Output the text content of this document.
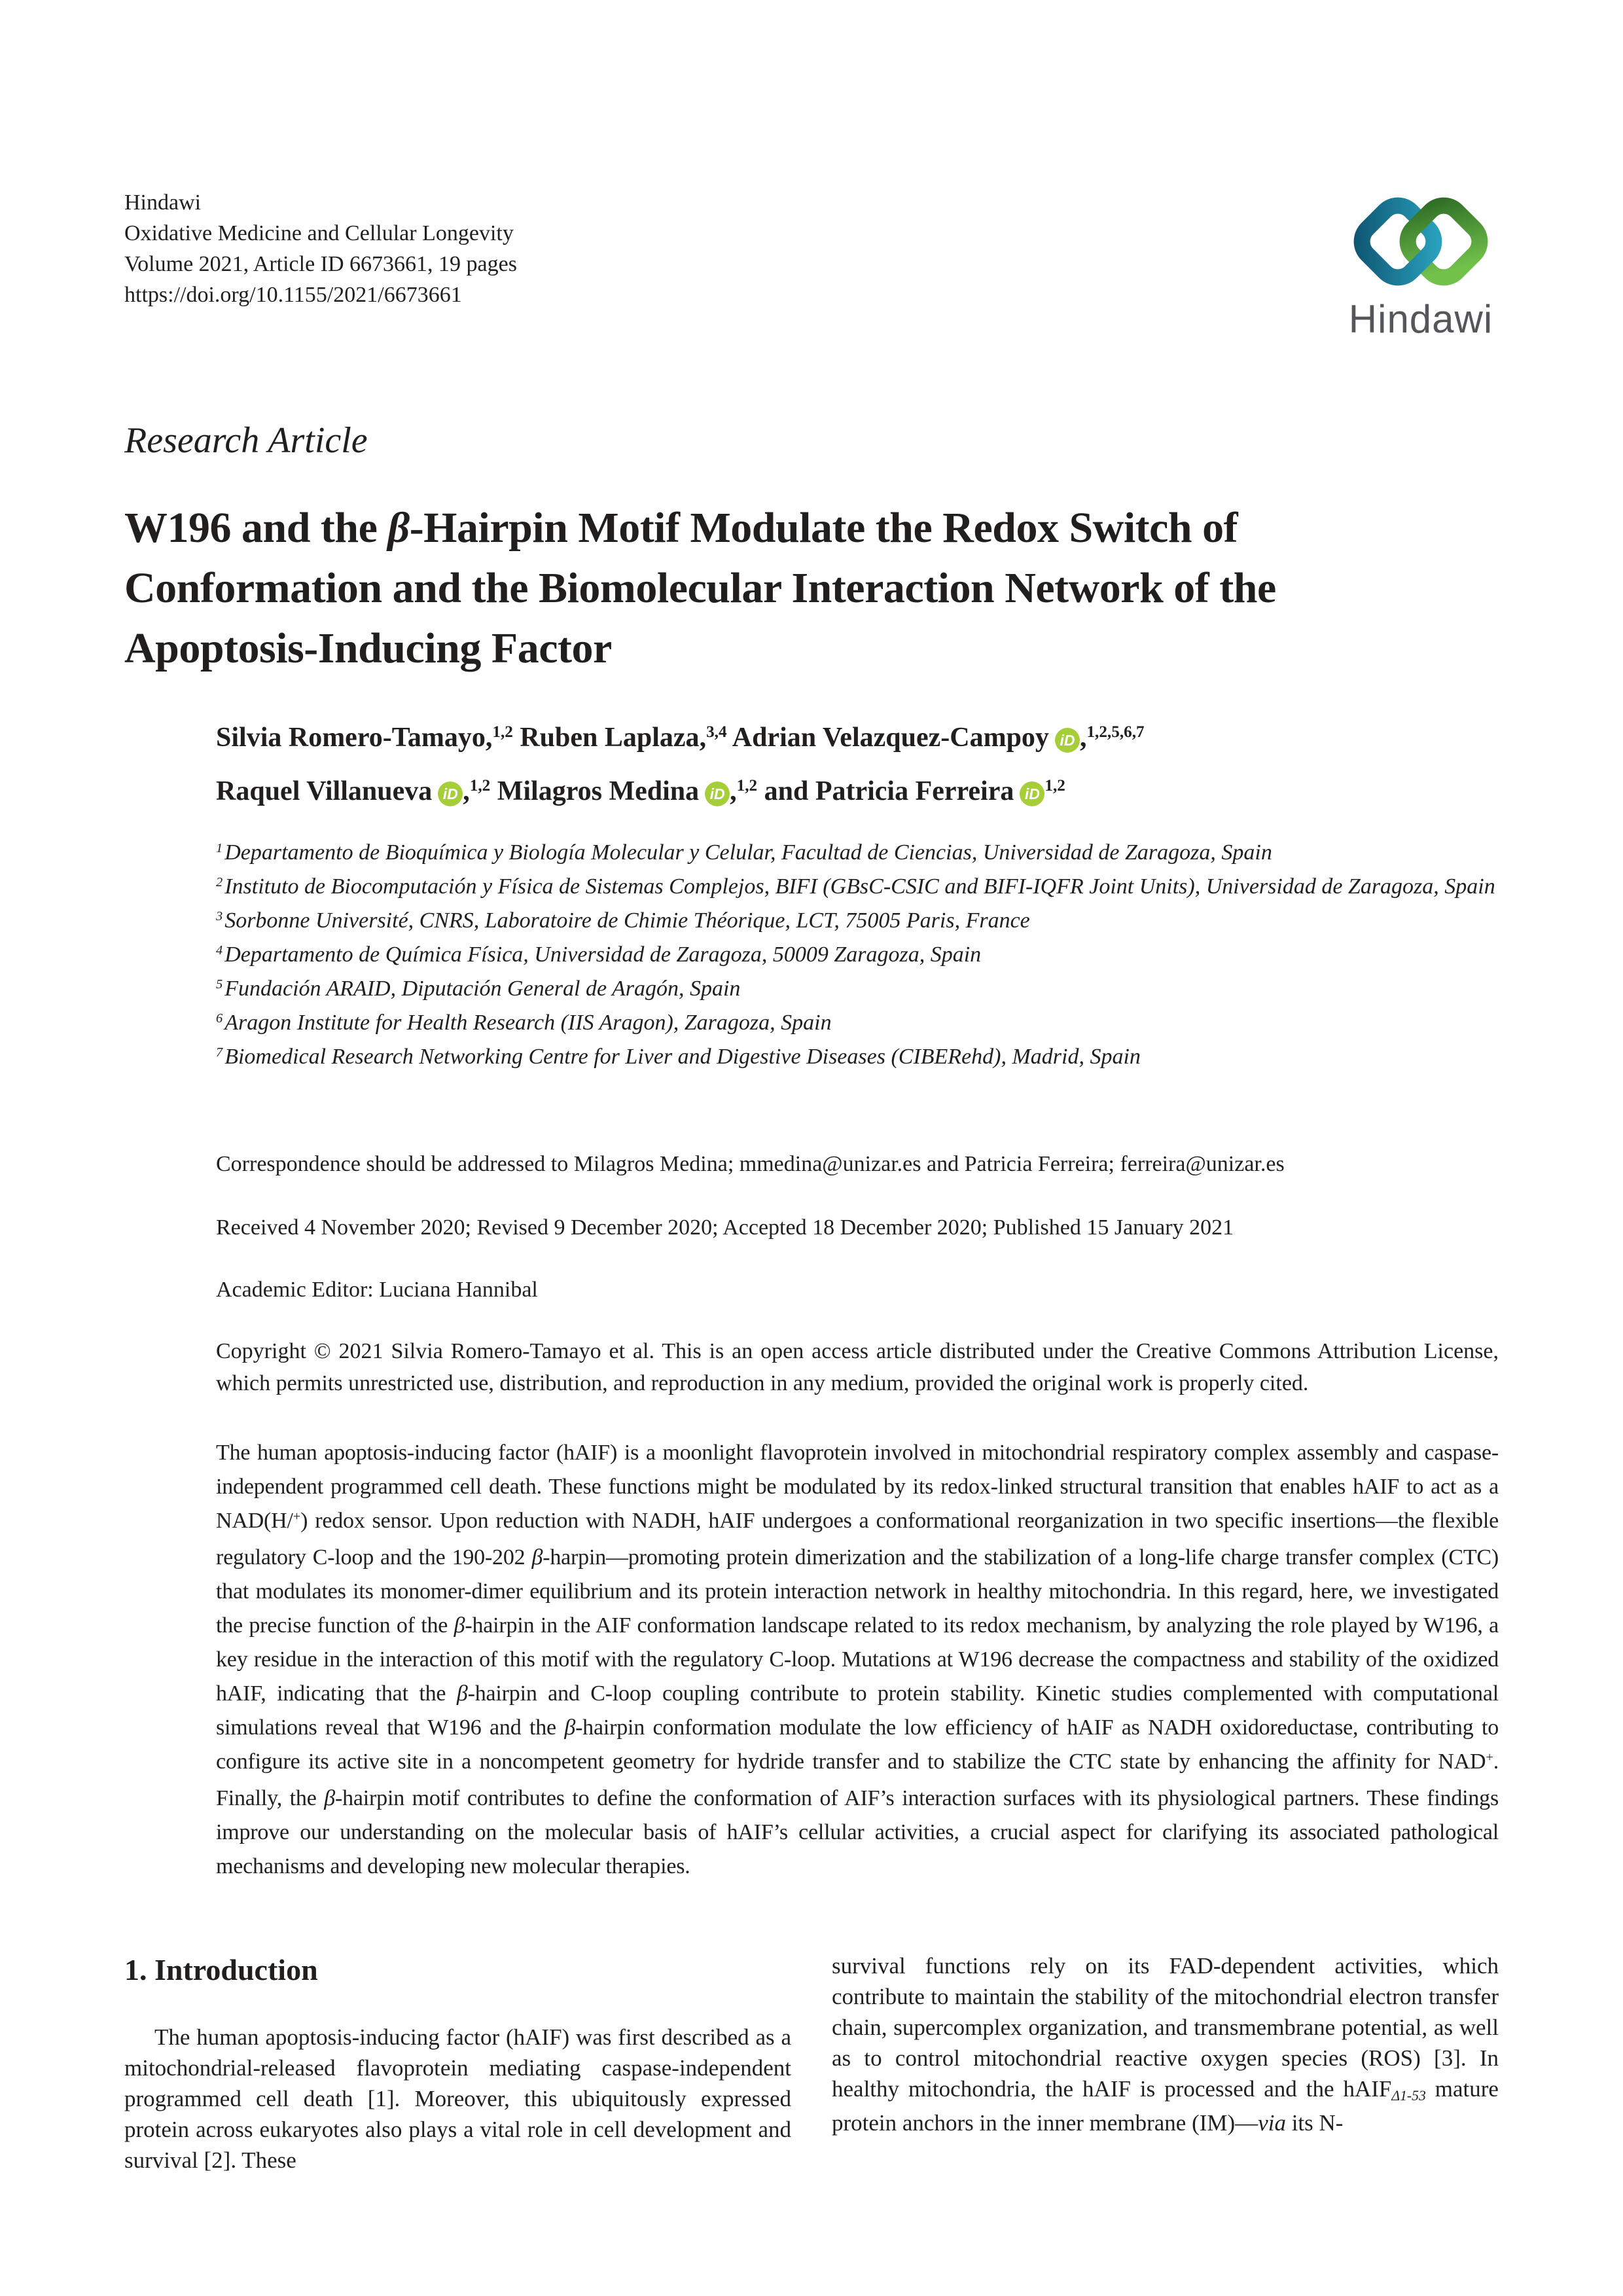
Hindawi
Oxidative Medicine and Cellular Longevity
Volume 2021, Article ID 6673661, 19 pages
https://doi.org/10.1155/2021/6673661
Hindawi
Research Article
W196 and the β-Hairpin Motif Modulate the Redox Switch of
Conformation and the Biomolecular Interaction Network of the
Apoptosis-Inducing Factor
Silvia Romero-Tamayo,$^{1,2}$ Ruben Laplaza,$^{3,4}$ Adrian Velazquez-Campoy iD ,$^{1,2,5,6,7}$
Raquel Villanueva iD ,$^{1,2}$ Milagros Medina iD ,$^{1,2}$ and Patricia Ferreira iD $^{1,2}$
$^1$Departamento de Bioquímica y Biología Molecular y Celular, Facultad de Ciencias, Universidad de Zaragoza, Spain
$^2$Instituto de Biocomputación y Física de Sistemas Complejos, BIFI (GBsC-CSIC and BIFI-IQFR Joint Units), Universidad de Zaragoza, Spain
$^3$Sorbonne Université, CNRS, Laboratoire de Chimie Théorique, LCT, 75005 Paris, France
$^4$Departamento de Química Física, Universidad de Zaragoza, 50009 Zaragoza, Spain
$^5$Fundación ARAID, Diputación General de Aragón, Spain
$^6$Aragon Institute for Health Research (IIS Aragon), Zaragoza, Spain
$^7$Biomedical Research Networking Centre for Liver and Digestive Diseases (CIBERehd), Madrid, Spain

Correspondence should be addressed to Milagros Medina; mmedina@unizar.es and Patricia Ferreira; ferreira@unizar.es

Received 4 November 2020; Revised 9 December 2020; Accepted 18 December 2020; Published 15 January 2021

Academic Editor: Luciana Hannibal

Copyright © 2021 Silvia Romero-Tamayo et al. This is an open access article distributed under the Creative Commons Attribution License, which permits unrestricted use, distribution, and reproduction in any medium, provided the original work is properly cited.

The human apoptosis-inducing factor (hAIF) is a moonlight flavoprotein involved in mitochondrial respiratory complex assembly and caspase-independent programmed cell death. These functions might be modulated by its redox-linked structural transition that enables hAIF to act as a NAD(H/+) redox sensor. Upon reduction with NADH, hAIF undergoes a conformational reorganization in two specific insertions—the flexible regulatory C-loop and the 190-202 β-harpin—promoting protein dimerization and the stabilization of a long-life charge transfer complex (CTC) that modulates its monomer-dimer equilibrium and its protein interaction network in healthy mitochondria. In this regard, here, we investigated the precise function of the β-hairpin in the AIF conformation landscape related to its redox mechanism, by analyzing the role played by W196, a key residue in the interaction of this motif with the regulatory C-loop. Mutations at W196 decrease the compactness and stability of the oxidized hAIF, indicating that the β-hairpin and C-loop coupling contribute to protein stability. Kinetic studies complemented with computational simulations reveal that W196 and the β-hairpin conformation modulate the low efficiency of hAIF as NADH oxidoreductase, contributing to configure its active site in a noncompetent geometry for hydride transfer and to stabilize the CTC state by enhancing the affinity for NAD+. Finally, the β-hairpin motif contributes to define the conformation of AIF’s interaction surfaces with its physiological partners. These findings improve our understanding on the molecular basis of hAIF’s cellular activities, a crucial aspect for clarifying its associated pathological mechanisms and developing new molecular therapies.

1. Introduction

The human apoptosis-inducing factor (hAIF) was first described as a mitochondrial-released flavoprotein mediating caspase-independent programmed cell death [1]. Moreover, this ubiquitously expressed protein across eukaryotes also plays a vital role in cell development and survival [2]. These

survival functions rely on its FAD-dependent activities, which contribute to maintain the stability of the mitochondrial electron transfer chain, supercomplex organization, and transmembrane potential, as well as to control mitochondrial reactive oxygen species (ROS) [3]. In healthy mitochondria, the hAIF is processed and the hAIFΔ1-53 mature protein anchors in the inner membrane (IM)—via its N-
